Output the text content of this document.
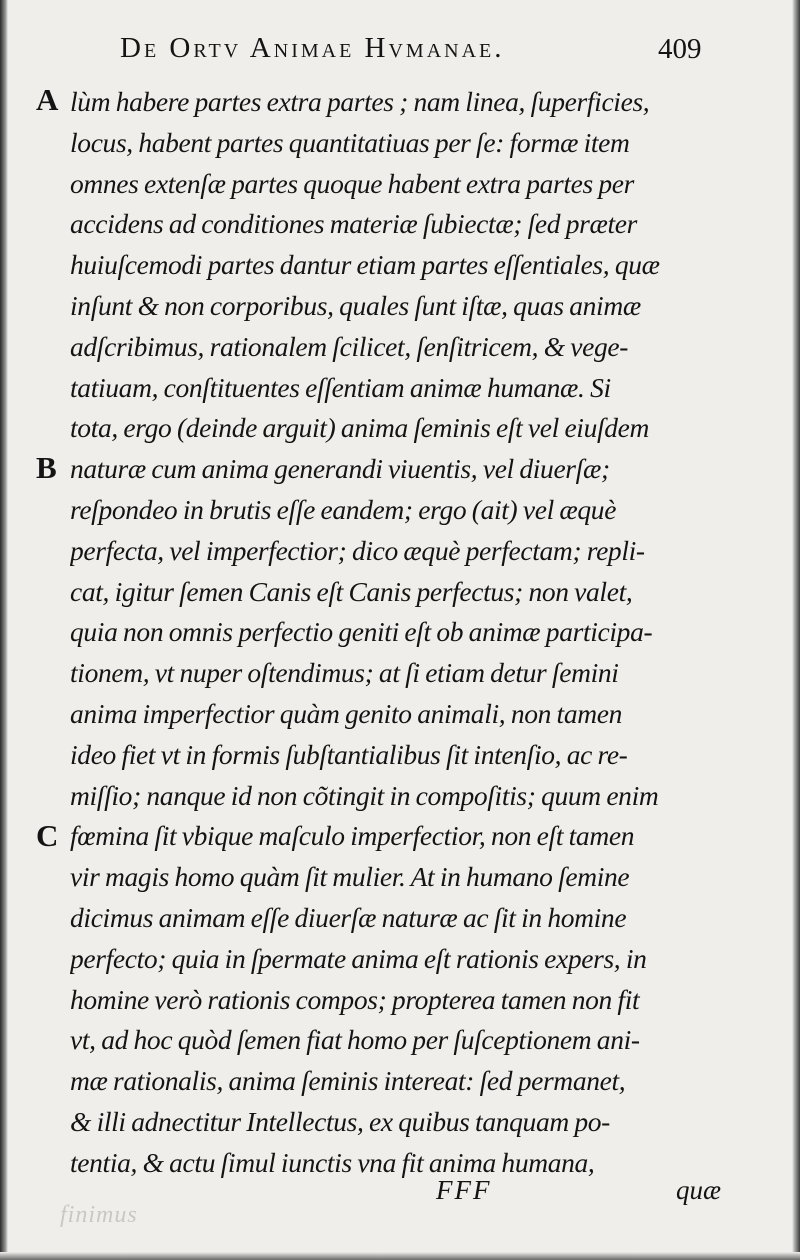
De Ortv Animae Hvmanae.	409
A
B
C
lùm habere partes extra partes ; nam linea, ſuperficies,
locus, habent partes quantitatiuas per ſe: formæ item
omnes extenſæ partes quoque habent extra partes per
accidens ad conditiones materiæ ſubiectæ; ſed præter
huiuſcemodi partes dantur etiam partes eſſentiales, quæ
inſunt & non corporibus, quales ſunt iſtæ, quas animæ
adſcribimus, rationalem ſcilicet, ſenſitricem, & vege-
tatiuam, conſtituentes eſſentiam animæ humanæ. Si
tota, ergo (deinde arguit) anima ſeminis eſt vel eiuſdem
naturæ cum anima generandi viuentis, vel diuerſæ;
reſpondeo in brutis eſſe eandem; ergo (ait) vel æquè
perfecta, vel imperfectior; dico æquè perfectam; repli-
cat, igitur ſemen Canis eſt Canis perfectus; non valet,
quia non omnis perfectio geniti eſt ob animæ participa-
tionem, vt nuper oſtendimus; at ſi etiam detur ſemini
anima imperfectior quàm genito animali, non tamen
ideo fiet vt in formis ſubſtantialibus ſit intenſio, ac re-
miſſio; nanque id non cõtingit in compoſitis; quum enim
fœmina ſit vbique maſculo imperfectior, non eſt tamen
vir magis homo quàm ſit mulier. At in humano ſemine
dicimus animam eſſe diuerſæ naturæ ac ſit in homine
perfecto; quia in ſpermate anima eſt rationis expers, in
homine verò rationis compos; propterea tamen non fit
vt, ad hoc quòd ſemen fiat homo per ſuſceptionem ani-
mæ rationalis, anima ſeminis intereat: ſed permanet,
& illi adnectitur Intellectus, ex quibus tanquam po-
tentia, & actu ſimul iunctis vna fit anima humana,
finimus
FFF	quæ
